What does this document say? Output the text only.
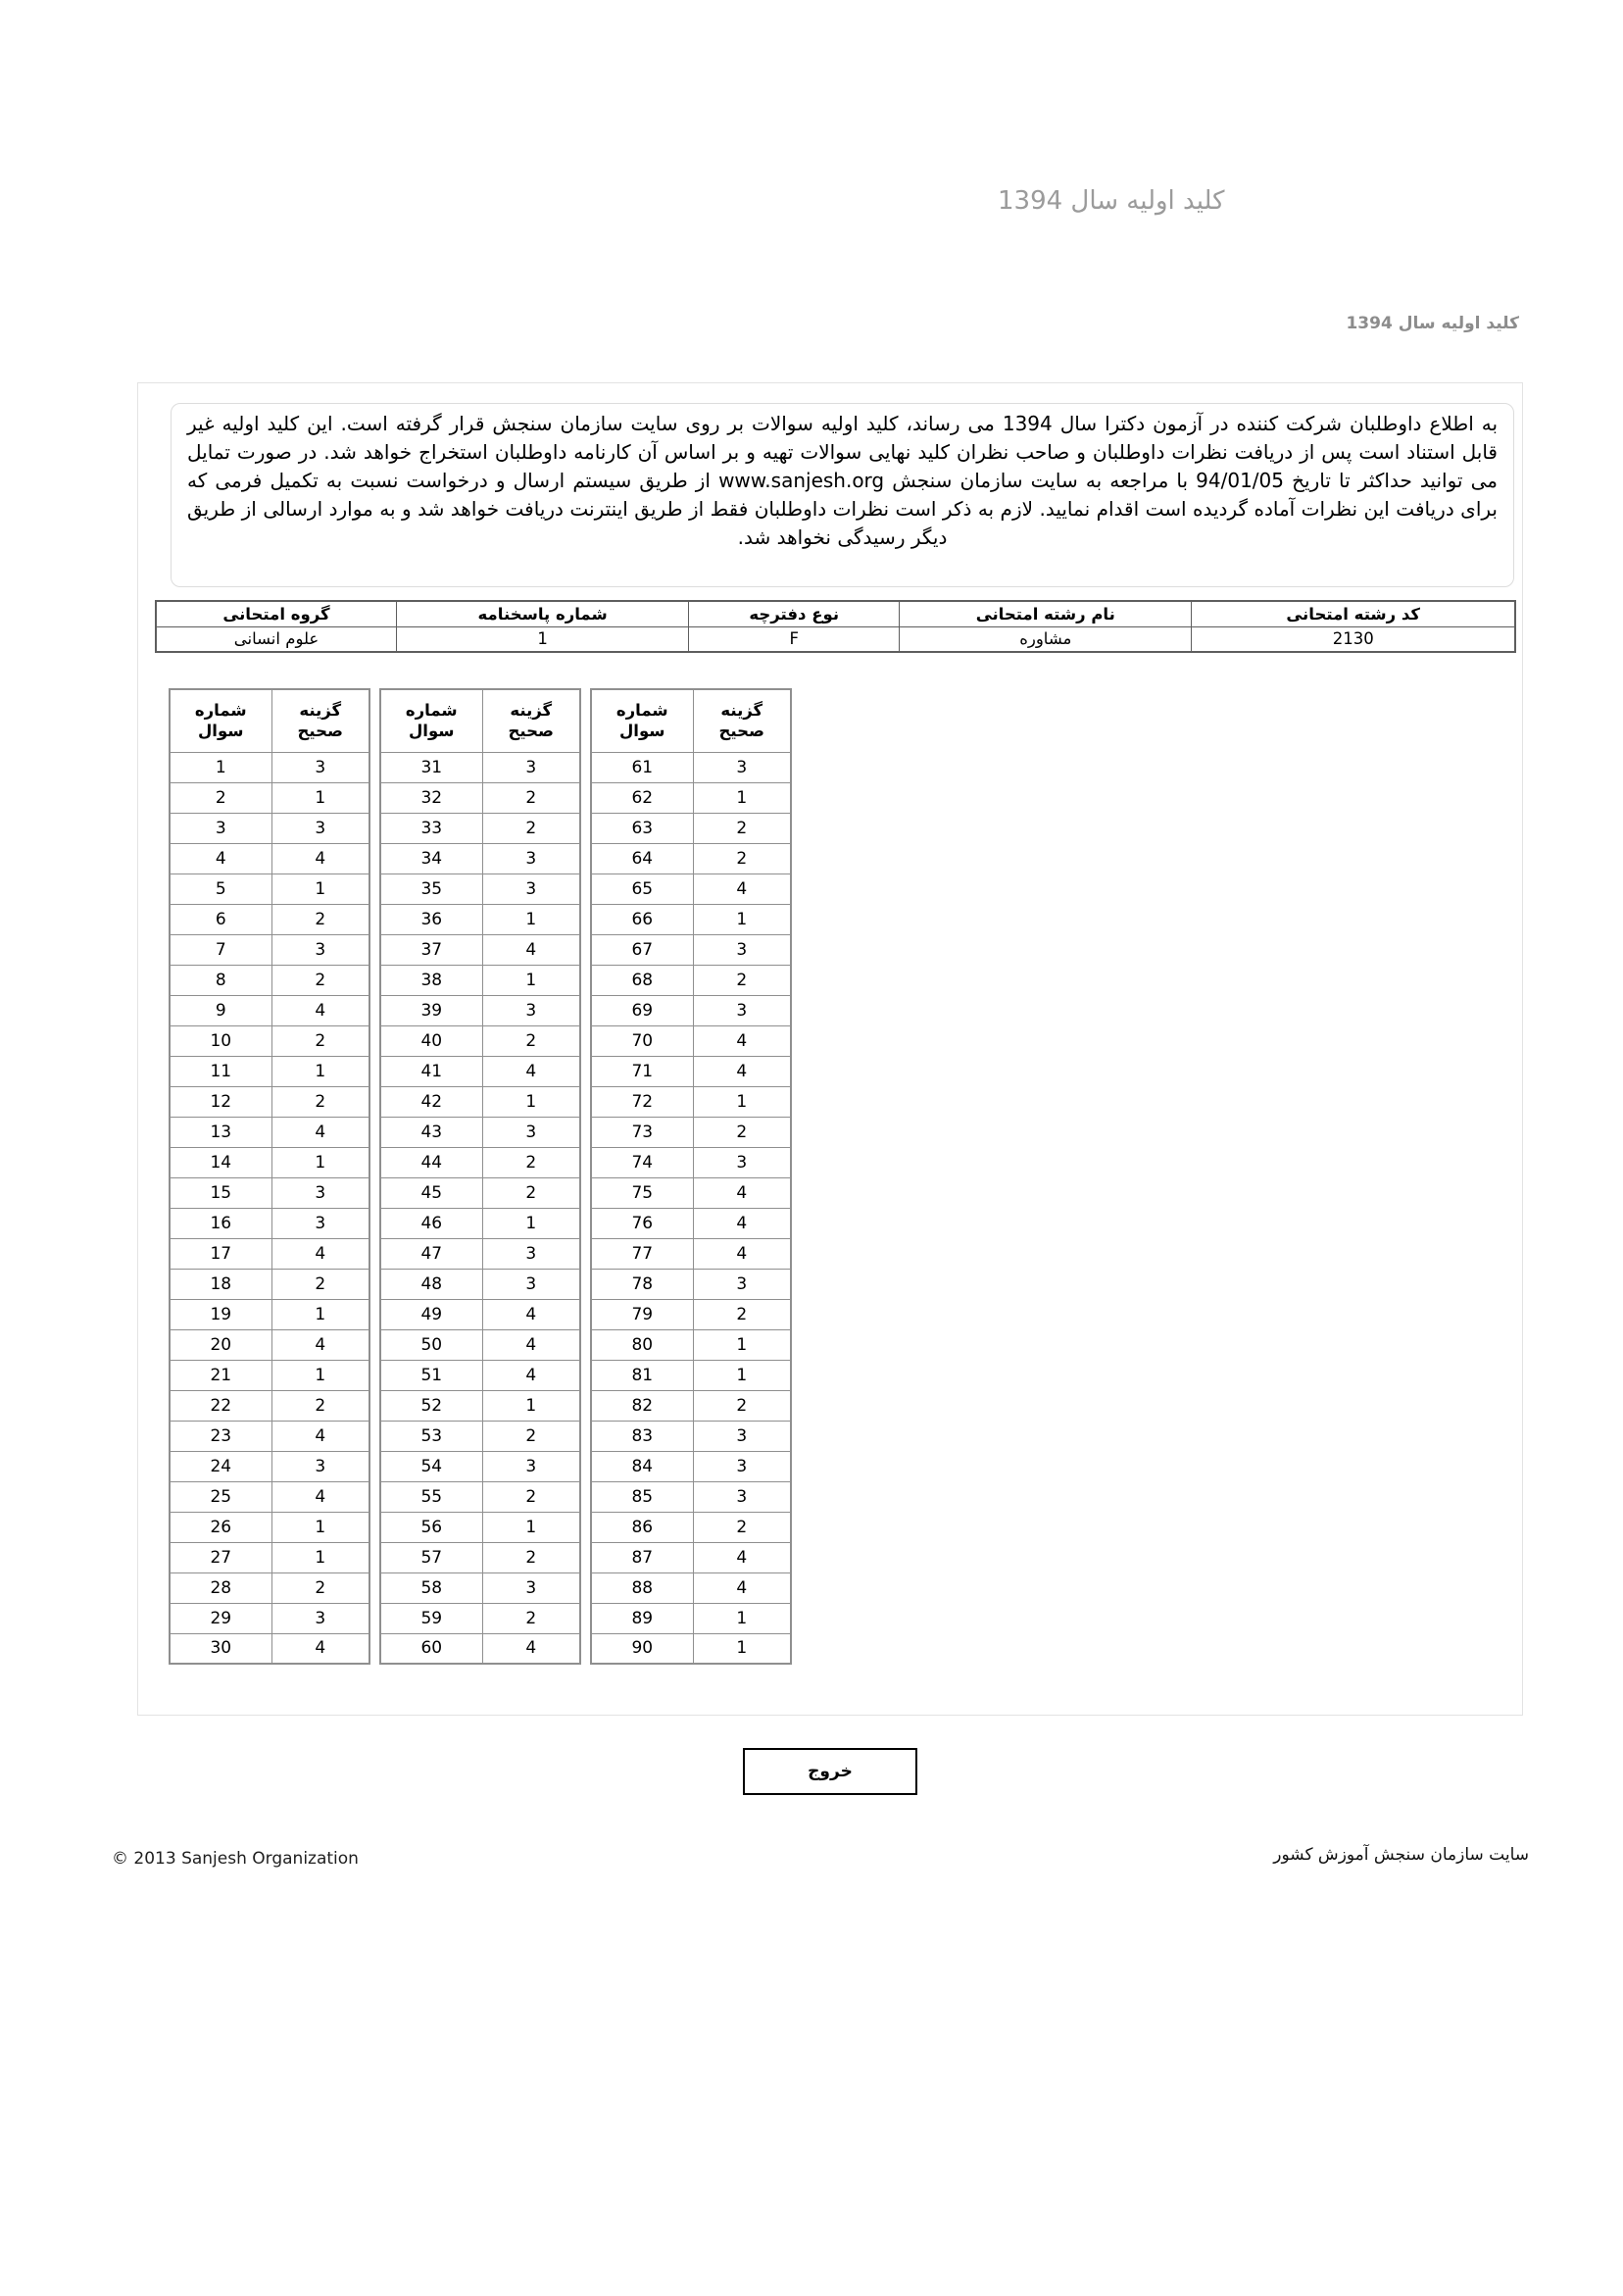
کلید اولیه سال 1394
کلید اولیه سال 1394
به اطلاع داوطلبان شرکت کننده در آزمون دکترا سال 1394 می رساند، کلید اولیه سوالات بر روی سایت سازمان سنجش قرار گرفته است. این کلید اولیه غیر قابل استناد است پس از دریافت نظرات داوطلبان و صاحب نظران کلید نهایی سوالات تهیه و بر اساس آن کارنامه داوطلبان استخراج خواهد شد. در صورت تمایل می توانید حداکثر تا تاریخ 94/01/05 با مراجعه به سایت سازمان سنجش www.sanjesh.org از طریق سیستم ارسال و درخواست نسبت به تکمیل فرمی که برای دریافت این نظرات آماده گردیده است اقدام نمایید. لازم به ذکر است نظرات داوطلبان فقط از طریق اینترنت دریافت خواهد شد و به موارد ارسالی از طریق دیگر رسیدگی نخواهد شد.
کد رشته امتحانی	نام رشته امتحانی	نوع دفترچه	شماره پاسخنامه	گروه امتحانی
2130	مشاوره	F	1	علوم انسانی
شماره
سوال

گزینه
صحیح

1	3
2	1
3	3
4	4
5	1
6	2
7	3
8	2
9	4
10	2
11	1
12	2
13	4
14	1
15	3
16	3
17	4
18	2
19	1
20	4
21	1
22	2
23	4
24	3
25	4
26	1
27	1
28	2
29	3
30	4
شماره
سوال

گزینه
صحیح

31	3
32	2
33	2
34	3
35	3
36	1
37	4
38	1
39	3
40	2
41	4
42	1
43	3
44	2
45	2
46	1
47	3
48	3
49	4
50	4
51	4
52	1
53	2
54	3
55	2
56	1
57	2
58	3
59	2
60	4
شماره
سوال

گزینه
صحیح

61	3
62	1
63	2
64	2
65	4
66	1
67	3
68	2
69	3
70	4
71	4
72	1
73	2
74	3
75	4
76	4
77	4
78	3
79	2
80	1
81	1
82	2
83	3
84	3
85	3
86	2
87	4
88	4
89	1
90	1
خروج
© 2013 Sanjesh Organization	سایت سازمان سنجش آموزش کشور
